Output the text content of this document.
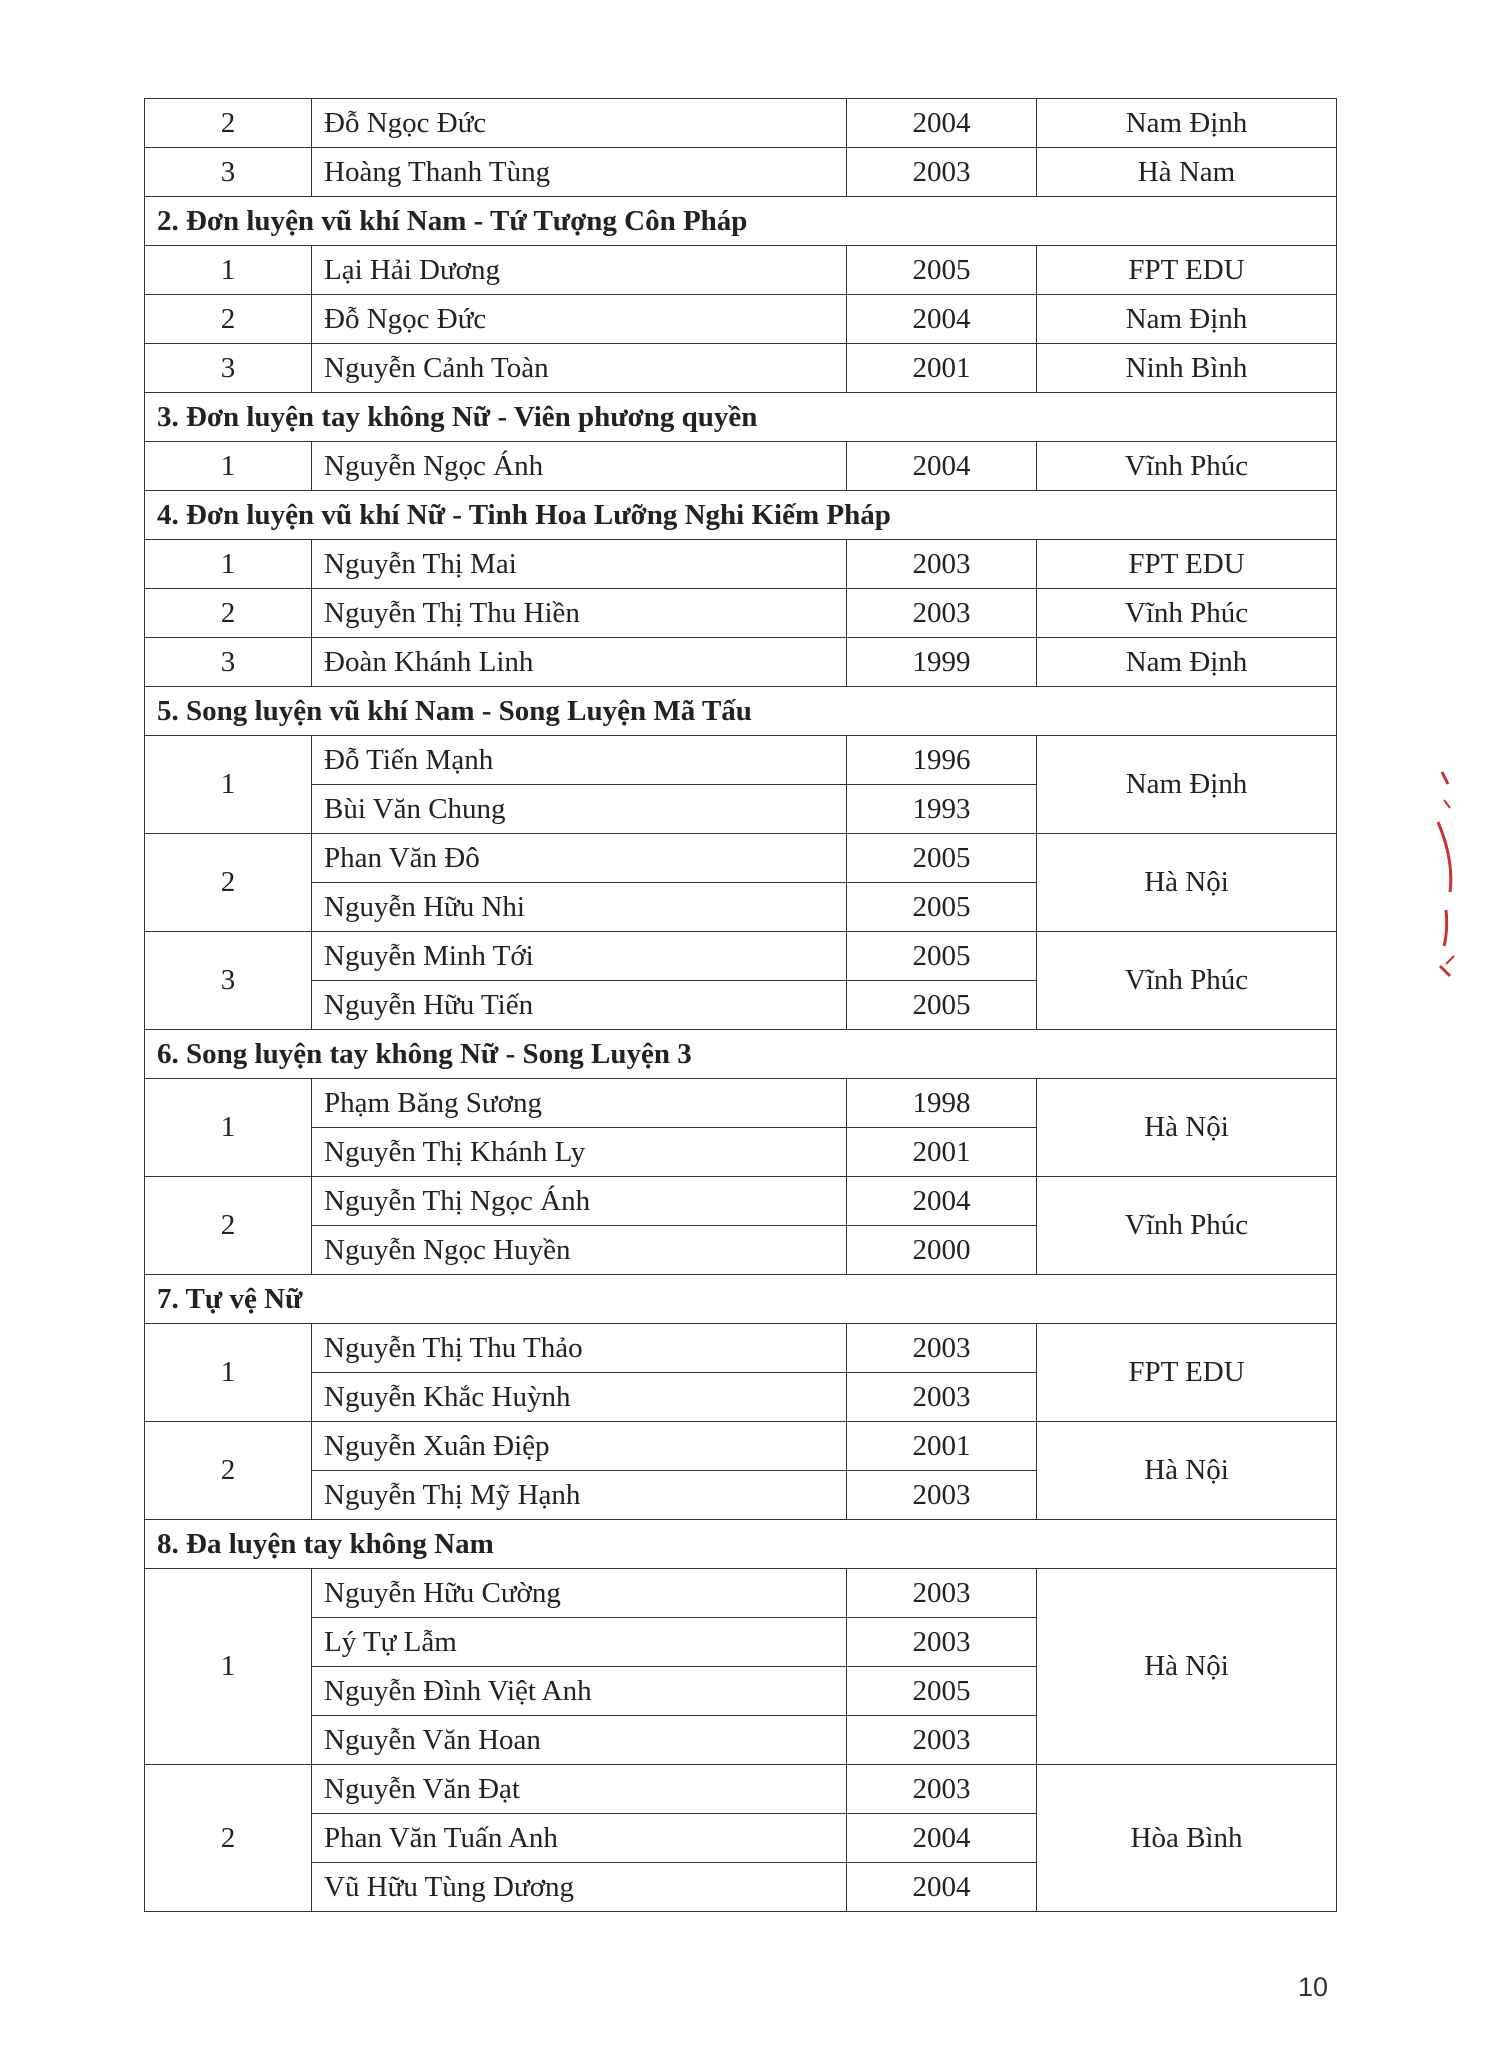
2	Đỗ Ngọc Đức	2004	Nam Định
3	Hoàng Thanh Tùng	2003	Hà Nam
2. Đơn luyện vũ khí Nam - Tứ Tượng Côn Pháp			
1	Lại Hải Dương	2005	FPT EDU
2	Đỗ Ngọc Đức	2004	Nam Định
3	Nguyễn Cảnh Toàn	2001	Ninh Bình
3. Đơn luyện tay không Nữ - Viên phương quyền			
1	Nguyễn Ngọc Ánh	2004	Vĩnh Phúc
4. Đơn luyện vũ khí Nữ - Tinh Hoa Lưỡng Nghi Kiếm Pháp			
1	Nguyễn Thị Mai	2003	FPT EDU
2	Nguyễn Thị Thu Hiền	2003	Vĩnh Phúc
3	Đoàn Khánh Linh	1999	Nam Định
5. Song luyện vũ khí Nam - Song Luyện Mã Tấu			
1	Đỗ Tiến Mạnh	1996	Nam Định
	Bùi Văn Chung	1993	
2	Phan Văn Đô	2005	Hà Nội
	Nguyễn Hữu Nhi	2005	
3	Nguyễn Minh Tới	2005	Vĩnh Phúc
	Nguyễn Hữu Tiến	2005	
6. Song luyện tay không Nữ - Song Luyện 3			
1	Phạm Băng Sương	1998	Hà Nội
	Nguyễn Thị Khánh Ly	2001	
2	Nguyễn Thị Ngọc Ánh	2004	Vĩnh Phúc
	Nguyễn Ngọc Huyền	2000	
7. Tự vệ Nữ			
1	Nguyễn Thị Thu Thảo	2003	FPT EDU
	Nguyễn Khắc Huỳnh	2003	
2	Nguyễn Xuân Điệp	2001	Hà Nội
	Nguyễn Thị Mỹ Hạnh	2003	
8. Đa luyện tay không Nam			
1	Nguyễn Hữu Cường	2003	Hà Nội
	Lý Tự Lẫm	2003	
	Nguyễn Đình Việt Anh	2005	
	Nguyễn Văn Hoan	2003	
2	Nguyễn Văn Đạt	2003	Hòa Bình
	Phan Văn Tuấn Anh	2004	
	Vũ Hữu Tùng Dương	2004	
10
